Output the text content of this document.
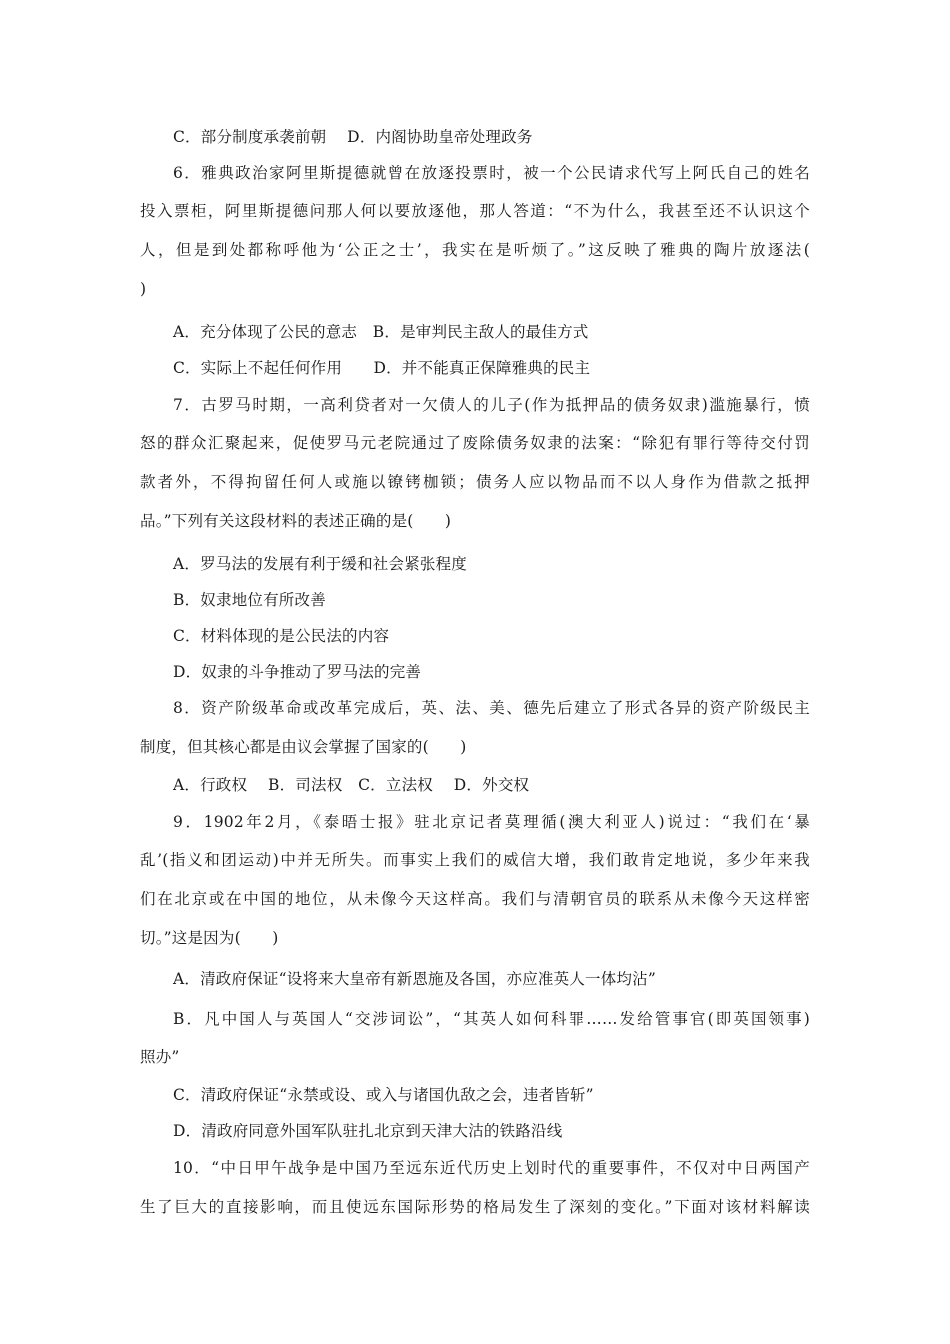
C．部分制度承袭前朝　 D．内阁协助皇帝处理政务
6．雅典政治家阿里斯提德就曾在放逐投票时，被一个公民请求代写上阿氏自己的姓名
投入票柜，阿里斯提德问那人何以要放逐他，那人答道：“不为什么，我甚至还不认识这个
人，但是到处都称呼他为‘公正之士’，我实在是听烦了。”这反映了雅典的陶片放逐法(
)
A．充分体现了公民的意志　B．是审判民主敌人的最佳方式
C．实际上不起任何作用　　D．并不能真正保障雅典的民主
7．古罗马时期，一高利贷者对一欠债人的儿子(作为抵押品的债务奴隶)滥施暴行，愤
怒的群众汇聚起来，促使罗马元老院通过了废除债务奴隶的法案：“除犯有罪行等待交付罚
款者外，不得拘留任何人或施以镣铐枷锁；债务人应以物品而不以人身作为借款之抵押
品。”下列有关这段材料的表述正确的是(　　)
A．罗马法的发展有利于缓和社会紧张程度
B．奴隶地位有所改善
C．材料体现的是公民法的内容
D．奴隶的斗争推动了罗马法的完善
8．资产阶级革命或改革完成后，英、法、美、德先后建立了形式各异的资产阶级民主
制度，但其核心都是由议会掌握了国家的(　　)
A．行政权　 B．司法权　C．立法权　 D．外交权
9．1902年2月，《泰晤士报》驻北京记者莫理循(澳大利亚人)说过：“我们在‘暴
乱’(指义和团运动)中并无所失。而事实上我们的威信大增，我们敢肯定地说，多少年来我
们在北京或在中国的地位，从未像今天这样高。我们与清朝官员的联系从未像今天这样密
切。”这是因为(　　)
A．清政府保证“设将来大皇帝有新恩施及各国，亦应准英人一体均沾”
B．凡中国人与英国人“交涉词讼”，“其英人如何科罪……发给管事官(即英国领事)
照办”
C．清政府保证“永禁或设、或入与诸国仇敌之会，违者皆斩”
D．清政府同意外国军队驻扎北京到天津大沽的铁路沿线
10．“中日甲午战争是中国乃至远东近代历史上划时代的重要事件，不仅对中日两国产
生了巨大的直接影响，而且使远东国际形势的格局发生了深刻的变化。”下面对该材料解读
